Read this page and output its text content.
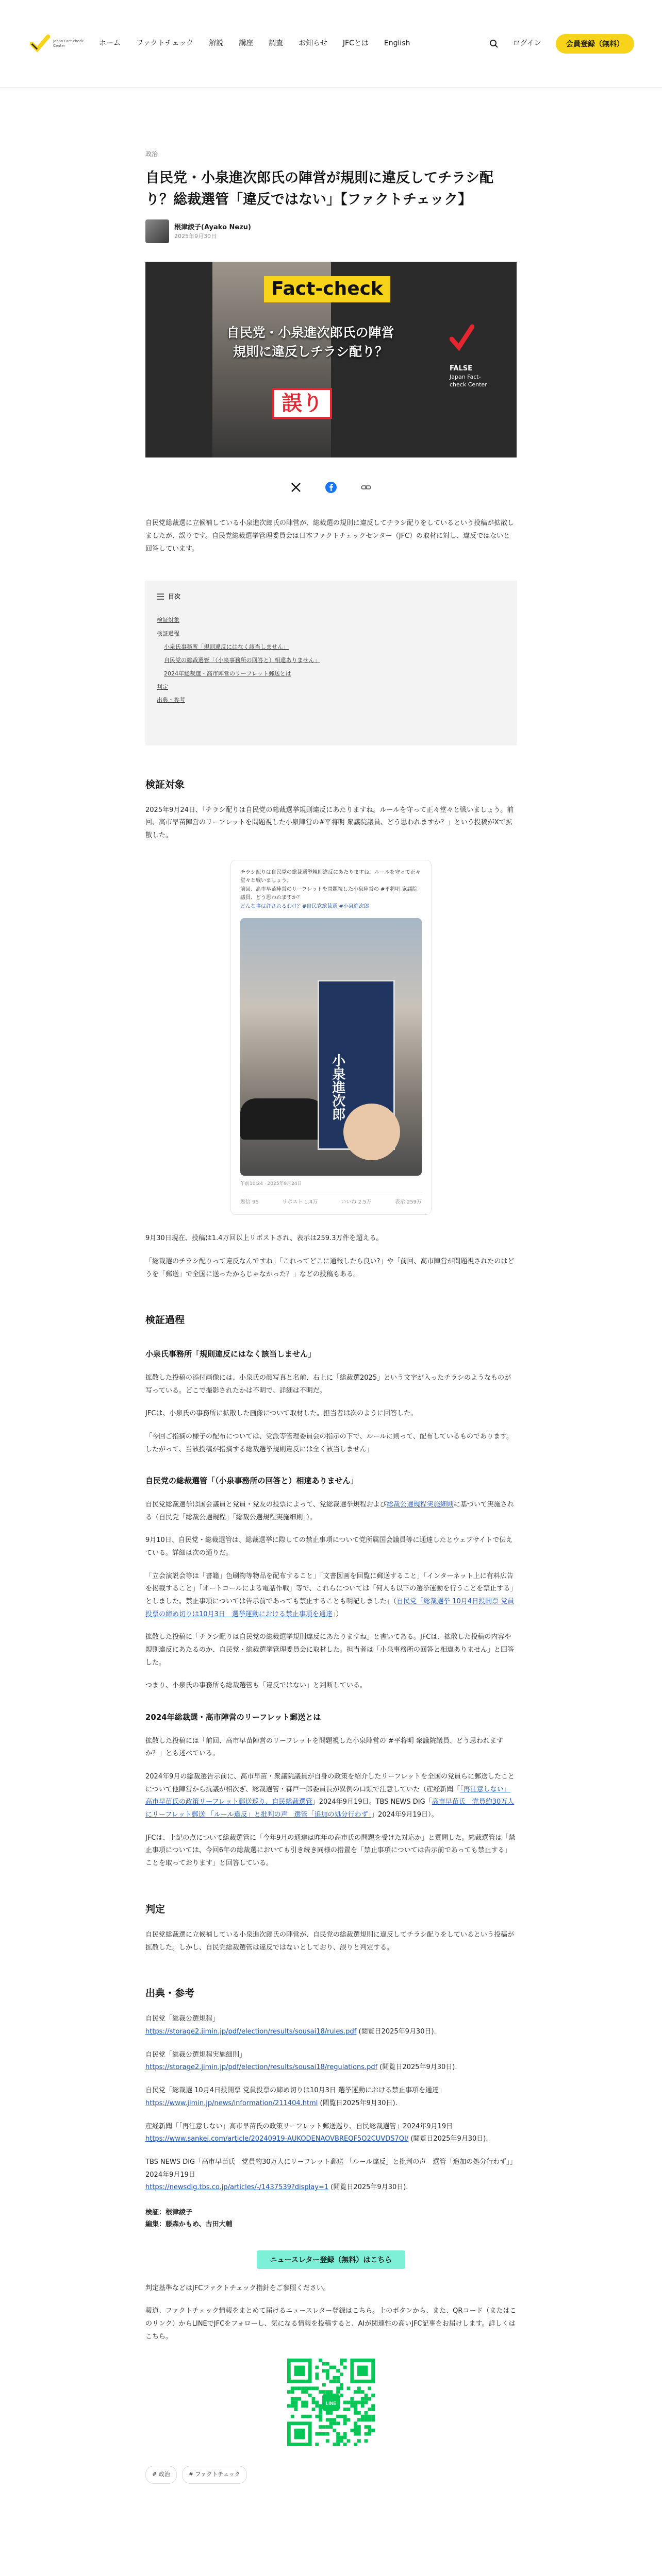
Japan Fact-check Center	ホーム ファクトチェック 解説 講座 調査 お知らせ JFCとは English	ログイン	会員登録（無料）
政治
自民党・小泉進次郎氏の陣営が規則に違反してチラシ配り？総裁選管「違反ではない」【ファクトチェック】
根津綾子(Ayako Nezu)
2025年9月30日
Fact-check
自民党・小泉進次郎氏の陣営 規則に違反しチラシ配り？
誤り
FALSE
Japan Fact-check Center

自民党総裁選に立候補している小泉進次郎氏の陣営が、総裁選の規則に違反してチラシ配りをしているという投稿が拡散しましたが、誤りです。自民党総裁選挙管理委員会は日本ファクトチェックセンター（JFC）の取材に対し、違反ではないと回答しています。

目次
検証対象
検証過程
小泉氏事務所「規則違反にはなく該当しません」
自民党の総裁選管「（小泉事務所の回答と）相違ありません」
2024年総裁選・高市陣営のリーフレット郵送とは
判定
出典・参考
検証対象

2025年9月24日、「チラシ配りは自民党の総裁選挙規則違反にあたりますね。ルールを守って正々堂々と戦いましょう。前回、高市早苗陣営のリーフレットを問題視した小泉陣営の#平将明 衆議院議員、どう思われますか？」という投稿がXで拡散した。

チラシ配りは自民党の総裁選挙規則違反にあたりますね。ルールを守って正々堂々と戦いましょう。
前回、高市早苗陣営のリーフレットを問題視した小泉陣営の #平将明 衆議院議員、どう思われますか？
どんな事は許されるわけ？#自民党総裁選 #小泉進次郎
小泉進次郎
午前10:24 · 2025年9月24日
返信 95	リポスト 1.4万	いいね 2.5万	表示 259万

9月30日現在、投稿は1.4万回以上リポストされ、表示は259.3万件を超える。

「総裁選のチラシ配りって違反なんですね」「これってどこに通報したら良い?」や「前回、高市陣営が問題視されたのはどうを「郵送」で全国に送ったからじゃなかった？」などの投稿もある。

検証過程
小泉氏事務所「規則違反にはなく該当しません」

拡散した投稿の添付画像には、小泉氏の顔写真と名前、右上に「総裁選2025」という文字が入ったチラシのようなものが写っている。どこで撮影されたかは不明で、詳細は不明だ。

JFCは、小泉氏の事務所に拡散した画像について取材した。担当者は次のように回答した。

「今回ご指摘の様子の配布については、党派等管理委員会の指示の下で、ルールに則って、配布しているものであります。したがって、当該投稿が指摘する総裁選挙規則違反には全く該当しません」

自民党の総裁選管「（小泉事務所の回答と）相違ありません」

自民党総裁選挙は国会議員と党員・党友の投票によって、党総裁選挙規程および総裁公選規程実施細則に基づいて実施される（自民党「総裁公選規程」「総裁公選規程実施細則」）。

9月10日、自民党・総裁選管は、総裁選挙に際しての禁止事項について党所属国会議員等に通達したとウェブサイトで伝えている。詳細は次の通りだ。

「立会演説会等は「書籍」色刷物等物品を配布すること」「文書図画を回覧に郵送すること」「インターネット上に有料広告を掲載すること」「オートコールによる電話作戦」等で、これらについては「何人も以下の選挙運動を行うことを禁止する」としました。禁止事項については告示前であっても禁止することも明記しました」（自民党「総裁選挙 10月4日投開票 党員投票の締め切りは10月3日　選挙運動における禁止事項を通達」）

拡散した投稿に「チラシ配りは自民党の総裁選挙規則違反にあたりますね」と書いてある。JFCは、拡散した投稿の内容や規則違反にあたるのか、自民党・総裁選挙管理委員会に取材した。担当者は「小泉事務所の回答と相違ありません」と回答した。

つまり、小泉氏の事務所も総裁選管も「違反ではない」と判断している。

2024年総裁選・高市陣営のリーフレット郵送とは

拡散した投稿には「前回、高市早苗陣営のリーフレットを問題視した小泉陣営の #平将明 衆議院議員、どう思われますか？」とも述べている。

2024年9月の総裁選告示前に、高市早苗・衆議院議員が自身の政策を紹介したリーフレットを全国の党員らに郵送したことについて他陣営から抗議が相次ぎ、総裁選管・森戸一郎委員長が異例の口頭で注意していた（産経新聞「「再注意しない」高市早苗氏の政策リーフレット郵送巡り、自民総裁選管」2024年9月19日。TBS NEWS DIG「高市早苗氏　党員約30万人にリーフレット郵送 「ルール違反」と批判の声　選管「追加の処分行わず」」2024年9月19日）。

JFCは、上記の点について総裁選管に「今年9月の通達は昨年の高市氏の問題を受けた対応か」と質問した。総裁選管は「禁止事項については、今回6年の総裁選においても引き続き同様の措置を「禁止事項については告示前であっても禁止する」ことを取っております」と回答している。

判定

自民党総裁選に立候補している小泉進次郎氏の陣営が、自民党の総裁選規則に違反してチラシ配りをしているという投稿が拡散した。しかし、自民党総裁選管は違反ではないとしており、誤りと判定する。

出典・参考
自民党「総裁公選規程」
https://storage2.jimin.jp/pdf/election/results/sousai18/rules.pdf (閲覧日2025年9月30日).
自民党「総裁公選規程実施細則」
https://storage2.jimin.jp/pdf/election/results/sousai18/regulations.pdf (閲覧日2025年9月30日).
自民党「総裁選 10月4日投開票 党員投票の締め切りは10月3日 選挙運動における禁止事項を通達」
https://www.jimin.jp/news/information/211404.html (閲覧日2025年9月30日).
産経新聞「「再注意しない」高市早苗氏の政策リーフレット郵送巡り、自民総裁選管」2024年9月19日
https://www.sankei.com/article/20240919-AUKODENAOVBREQF5Q2CUVDS7QI/ (閲覧日2025年9月30日).
TBS NEWS DIG「高市早苗氏　党員約30万人にリーフレット郵送 「ルール違反」と批判の声　選管「追加の処分行わず」」2024年9月19日
https://newsdig.tbs.co.jp/articles/-/1437539?display=1 (閲覧日2025年9月30日).
検証：根津綾子
編集：藤森かもめ、古田大輔
ニュースレター登録（無料）はこちら

判定基準などはJFCファクトチェック指針をご参照ください。

報道、ファクトチェック情報をまとめて届けるニュースレター登録はこちら。上のボタンから、また、QRコード（またはこのリンク）からLINEでJFCをフォローし、気になる情報を投稿すると、AIが関連性の高いJFC記事をお届けします。詳しくはこちら。

LINE
# 政治	# ファクトチェック
